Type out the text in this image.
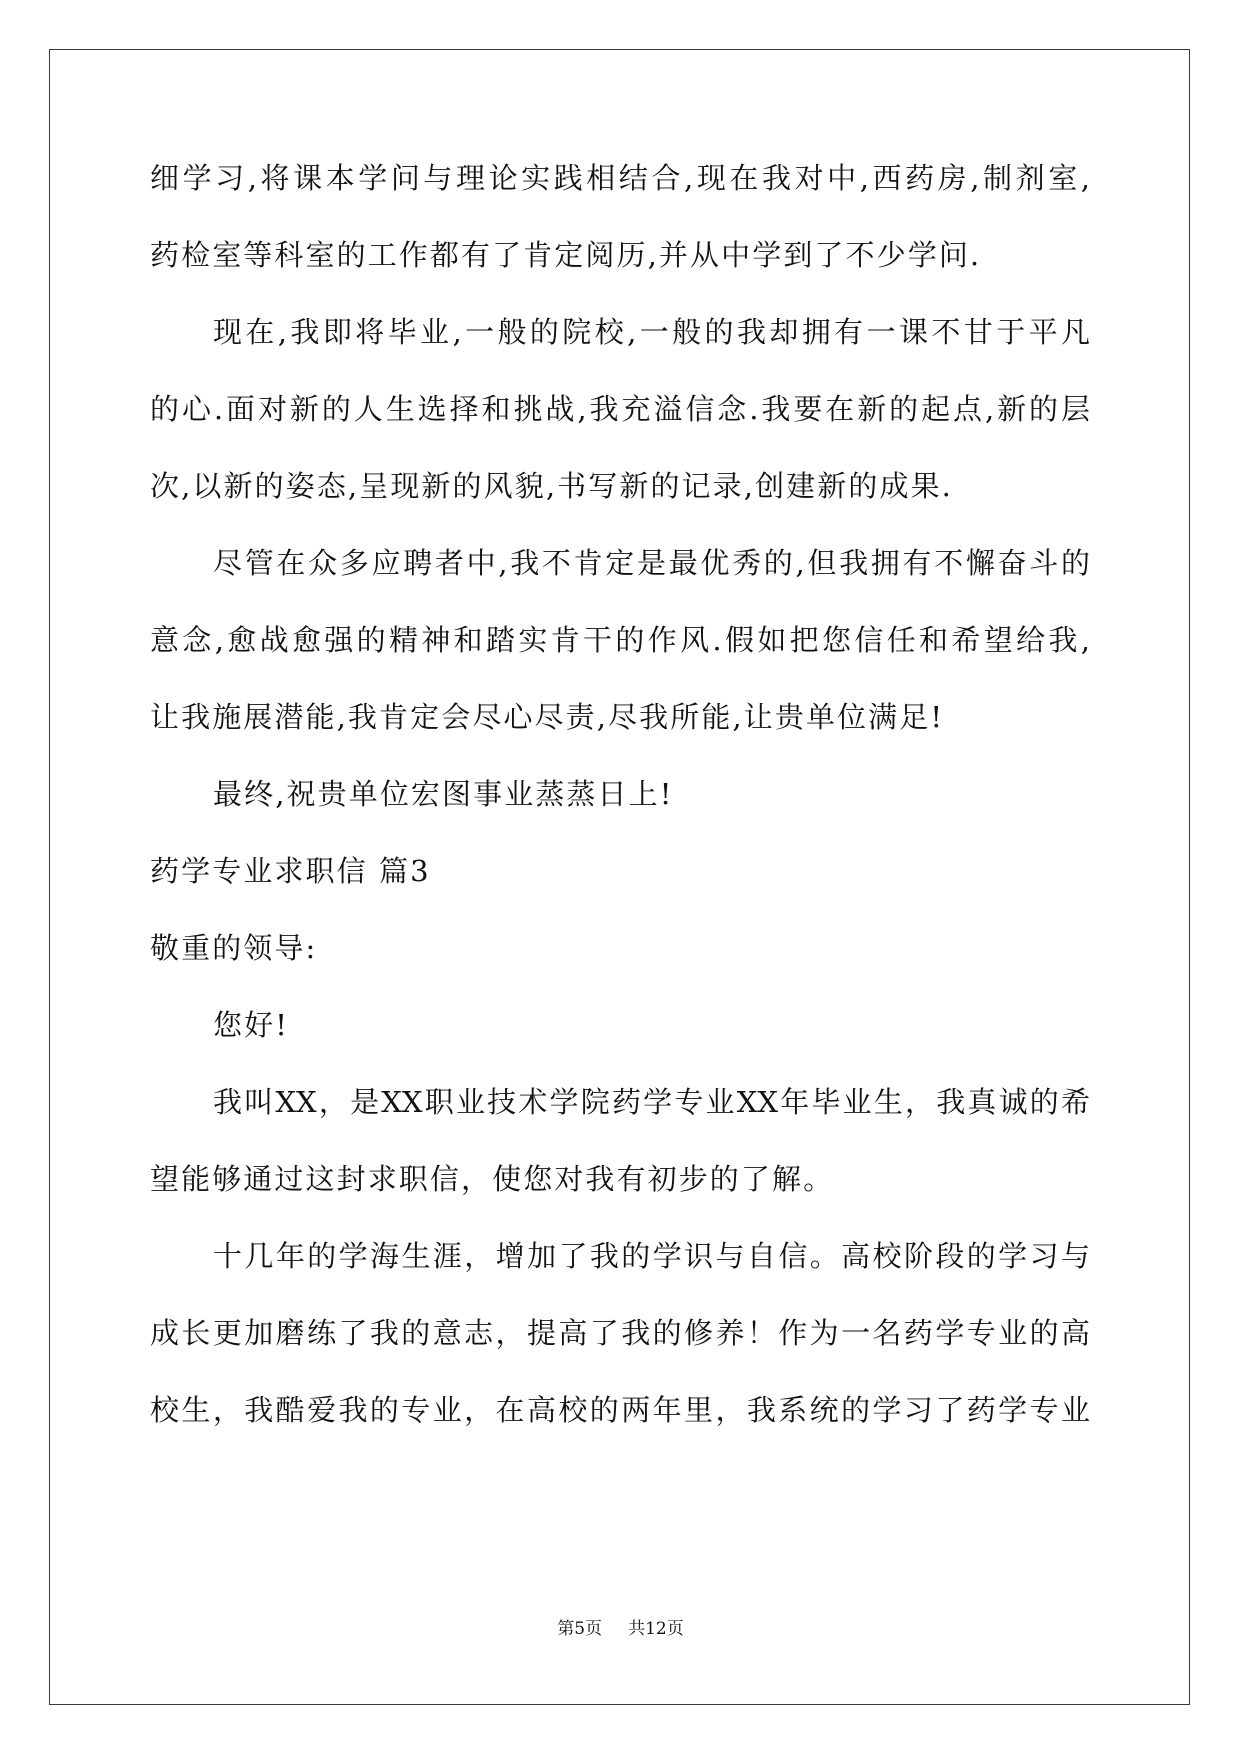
细学习,将课本学问与理论实践相结合,现在我对中,西药房,制剂室,
药检室等科室的工作都有了肯定阅历,并从中学到了不少学问.
现在,我即将毕业,一般的院校,一般的我却拥有一课不甘于平凡
的心.面对新的人生选择和挑战,我充溢信念.我要在新的起点,新的层
次,以新的姿态,呈现新的风貌,书写新的记录,创建新的成果.
尽管在众多应聘者中,我不肯定是最优秀的,但我拥有不懈奋斗的
意念,愈战愈强的精神和踏实肯干的作风.假如把您信任和希望给我,
让我施展潜能,我肯定会尽心尽责,尽我所能,让贵单位满足!
最终,祝贵单位宏图事业蒸蒸日上!
药学专业求职信 篇3
敬重的领导:
您好!
我叫XX，是XX职业技术学院药学专业XX年毕业生，我真诚的希
望能够通过这封求职信，使您对我有初步的了解。
十几年的学海生涯，增加了我的学识与自信。高校阶段的学习与
成长更加磨练了我的意志，提高了我的修养！作为一名药学专业的高
校生，我酷爱我的专业，在高校的两年里，我系统的学习了药学专业
第5页 共12页
